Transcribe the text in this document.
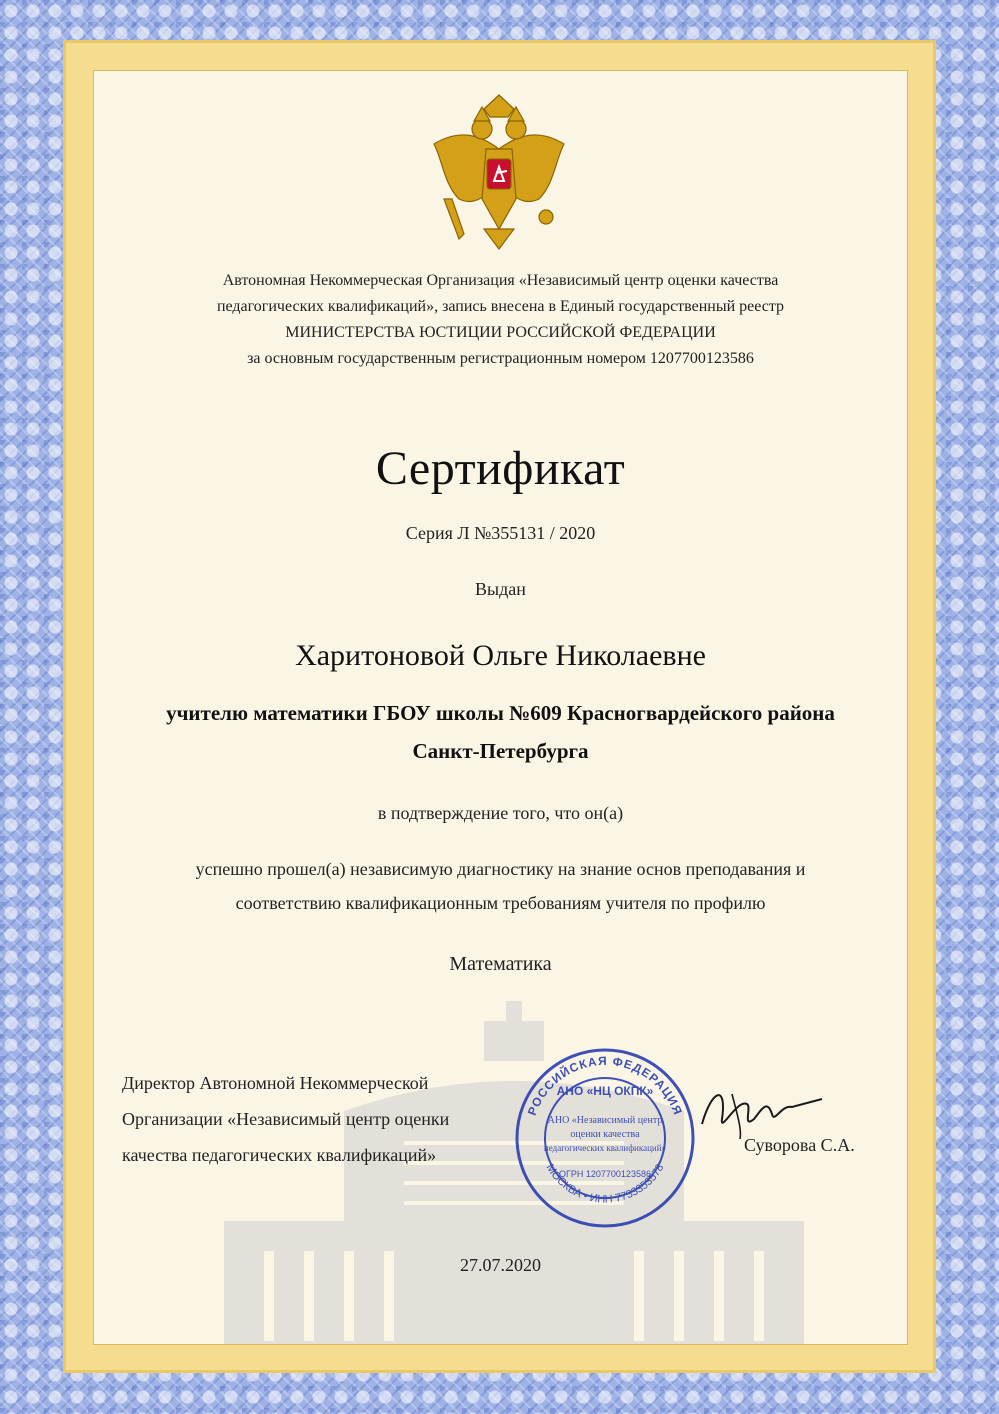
Автономная Некоммерческая Организация «Независимый центр оценки качества

педагогических квалификаций», запись внесена в Единый государственный реестр

МИНИСТЕРСТВА ЮСТИЦИИ РОССИЙСКОЙ ФЕДЕРАЦИИ

за основным государственным регистрационным номером 1207700123586

Сертификат

Серия Л №355131 / 2020

Выдан

Харитоновой Ольге Николаевне

учителю математики ГБОУ школы №609 Красногвардейского района

Санкт-Петербурга

в подтверждение того, что он(а)

успешно прошел(а) независимую диагностику на знание основ преподавания и

соответствию квалификационным требованиям учителя по профилю

Математика

Директор Автономной Некоммерческой
Организации «Независимый центр оценки
качества педагогических квалификаций»
РОССИЙСКАЯ ФЕДЕРАЦИЯ
МОСКВА • ИНН 7733353578
АНО «НЦ ОКПК»
АНО «Независимый центр
оценки качества
педагогических квалификаций»
ОГРН 1207700123586
Суворова С.А.

27.07.2020
